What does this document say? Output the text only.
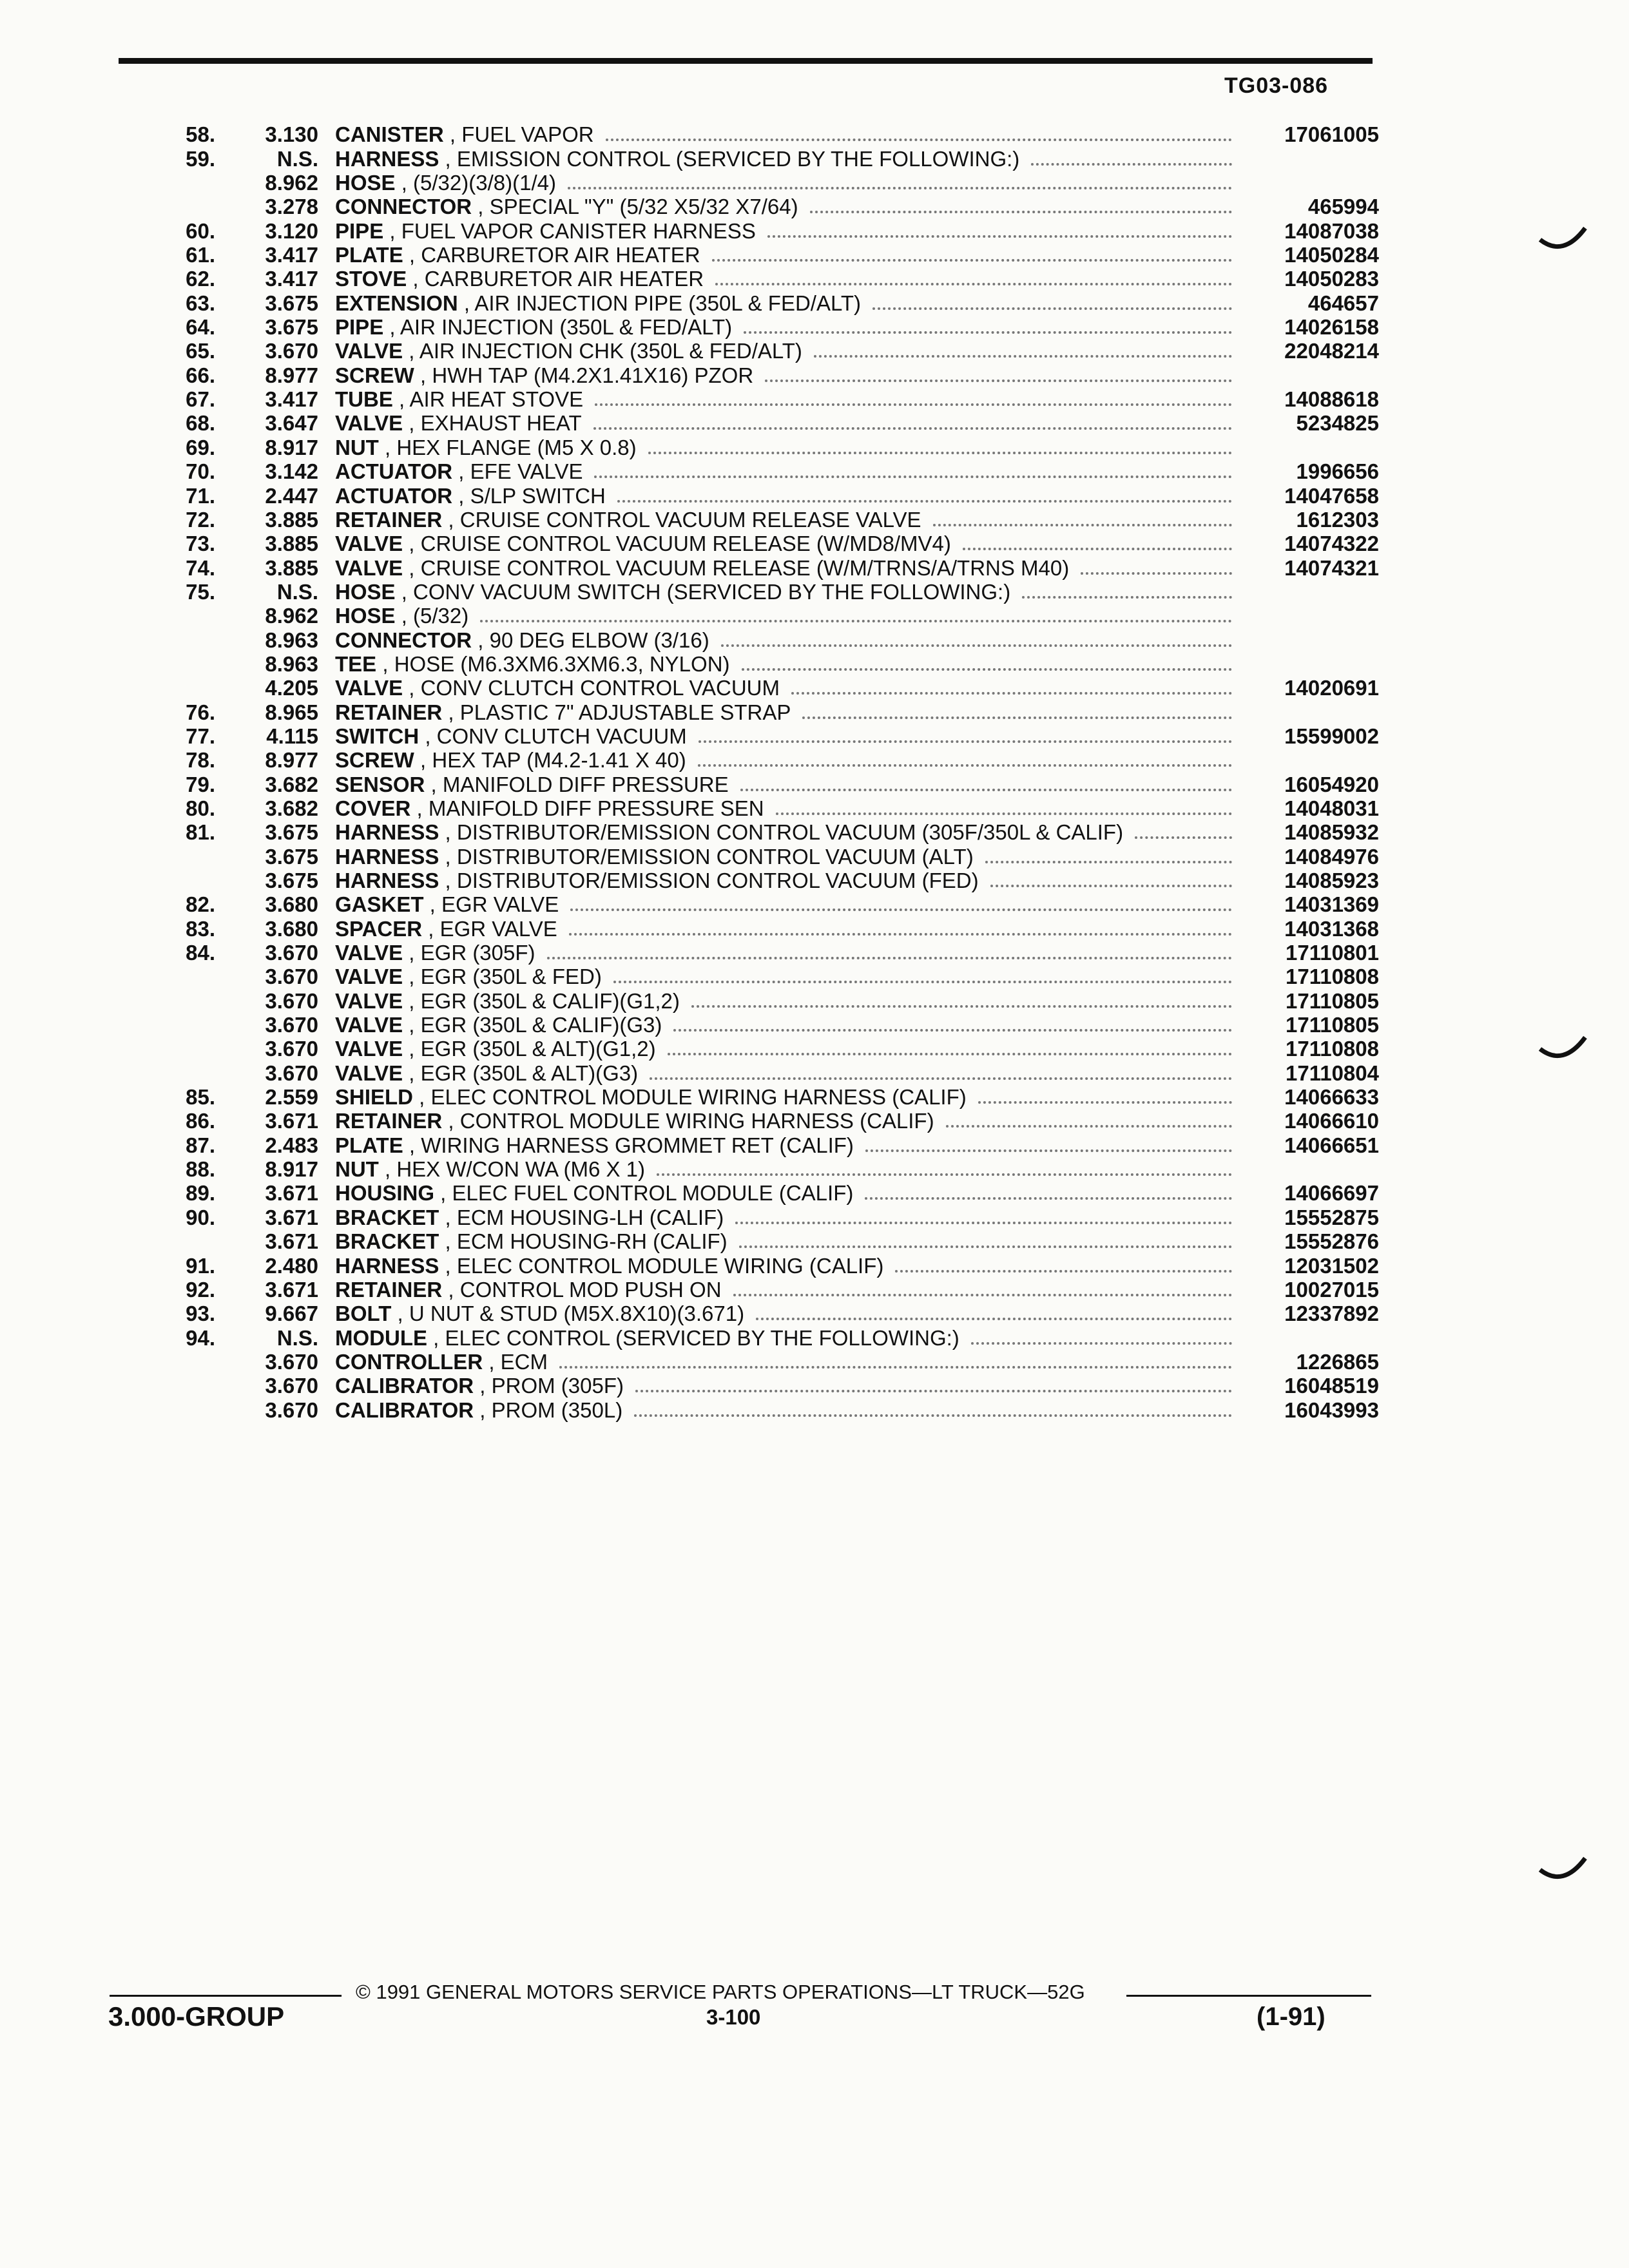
TG03-086
58.	3.130 CANISTER , FUEL VAPOR	17061005
59.	N.S. HARNESS , EMISSION CONTROL (SERVICED BY THE FOLLOWING:)
8.962 HOSE , (5/32)(3/8)(1/4)
3.278 CONNECTOR , SPECIAL "Y" (5/32 X5/32 X7/64)	465994
60.	3.120 PIPE , FUEL VAPOR CANISTER HARNESS	14087038
61.	3.417 PLATE , CARBURETOR AIR HEATER	14050284
62.	3.417 STOVE , CARBURETOR AIR HEATER	14050283
63.	3.675 EXTENSION , AIR INJECTION PIPE (350L & FED/ALT)	464657
64.	3.675 PIPE , AIR INJECTION (350L & FED/ALT)	14026158
65.	3.670 VALVE , AIR INJECTION CHK (350L & FED/ALT)	22048214
66.	8.977 SCREW , HWH TAP (M4.2X1.41X16) PZOR
67.	3.417 TUBE , AIR HEAT STOVE	14088618
68.	3.647 VALVE , EXHAUST HEAT	5234825
69.	8.917 NUT , HEX FLANGE (M5 X 0.8)
70.	3.142 ACTUATOR , EFE VALVE	1996656
71.	2.447 ACTUATOR , S/LP SWITCH	14047658
72.	3.885 RETAINER , CRUISE CONTROL VACUUM RELEASE VALVE	1612303
73.	3.885 VALVE , CRUISE CONTROL VACUUM RELEASE (W/MD8/MV4)	14074322
74.	3.885 VALVE , CRUISE CONTROL VACUUM RELEASE (W/M/TRNS/A/TRNS M40)	14074321
75.	N.S. HOSE , CONV VACUUM SWITCH (SERVICED BY THE FOLLOWING:)
8.962 HOSE , (5/32)
8.963 CONNECTOR , 90 DEG ELBOW (3/16)
8.963 TEE , HOSE (M6.3XM6.3XM6.3, NYLON)
4.205 VALVE , CONV CLUTCH CONTROL VACUUM	14020691
76.	8.965 RETAINER , PLASTIC 7" ADJUSTABLE STRAP
77.	4.115 SWITCH , CONV CLUTCH VACUUM	15599002
78.	8.977 SCREW , HEX TAP (M4.2-1.41 X 40)
79.	3.682 SENSOR , MANIFOLD DIFF PRESSURE	16054920
80.	3.682 COVER , MANIFOLD DIFF PRESSURE SEN	14048031
81.	3.675 HARNESS , DISTRIBUTOR/EMISSION CONTROL VACUUM (305F/350L & CALIF)	14085932
3.675 HARNESS , DISTRIBUTOR/EMISSION CONTROL VACUUM (ALT)	14084976
3.675 HARNESS , DISTRIBUTOR/EMISSION CONTROL VACUUM (FED)	14085923
82.	3.680 GASKET , EGR VALVE	14031369
83.	3.680 SPACER , EGR VALVE	14031368
84.	3.670 VALVE , EGR (305F)	17110801
3.670 VALVE , EGR (350L & FED)	17110808
3.670 VALVE , EGR (350L & CALIF)(G1,2)	17110805
3.670 VALVE , EGR (350L & CALIF)(G3)	17110805
3.670 VALVE , EGR (350L & ALT)(G1,2)	17110808
3.670 VALVE , EGR (350L & ALT)(G3)	17110804
85.	2.559 SHIELD , ELEC CONTROL MODULE WIRING HARNESS (CALIF)	14066633
86.	3.671 RETAINER , CONTROL MODULE WIRING HARNESS (CALIF)	14066610
87.	2.483 PLATE , WIRING HARNESS GROMMET RET (CALIF)	14066651
88.	8.917 NUT , HEX W/CON WA (M6 X 1)
89.	3.671 HOUSING , ELEC FUEL CONTROL MODULE (CALIF)	14066697
90.	3.671 BRACKET , ECM HOUSING-LH (CALIF)	15552875
3.671 BRACKET , ECM HOUSING-RH (CALIF)	15552876
91.	2.480 HARNESS , ELEC CONTROL MODULE WIRING (CALIF)	12031502
92.	3.671 RETAINER , CONTROL MOD PUSH ON	10027015
93.	9.667 BOLT , U NUT & STUD (M5X.8X10)(3.671)	12337892
94.	N.S. MODULE , ELEC CONTROL (SERVICED BY THE FOLLOWING:)
3.670 CONTROLLER , ECM	1226865
3.670 CALIBRATOR , PROM (305F)	16048519
3.670 CALIBRATOR , PROM (350L)	16043993
© 1991 GENERAL MOTORS SERVICE PARTS OPERATIONS—LT TRUCK—52G
3.000-GROUP	3-100	(1-91)
